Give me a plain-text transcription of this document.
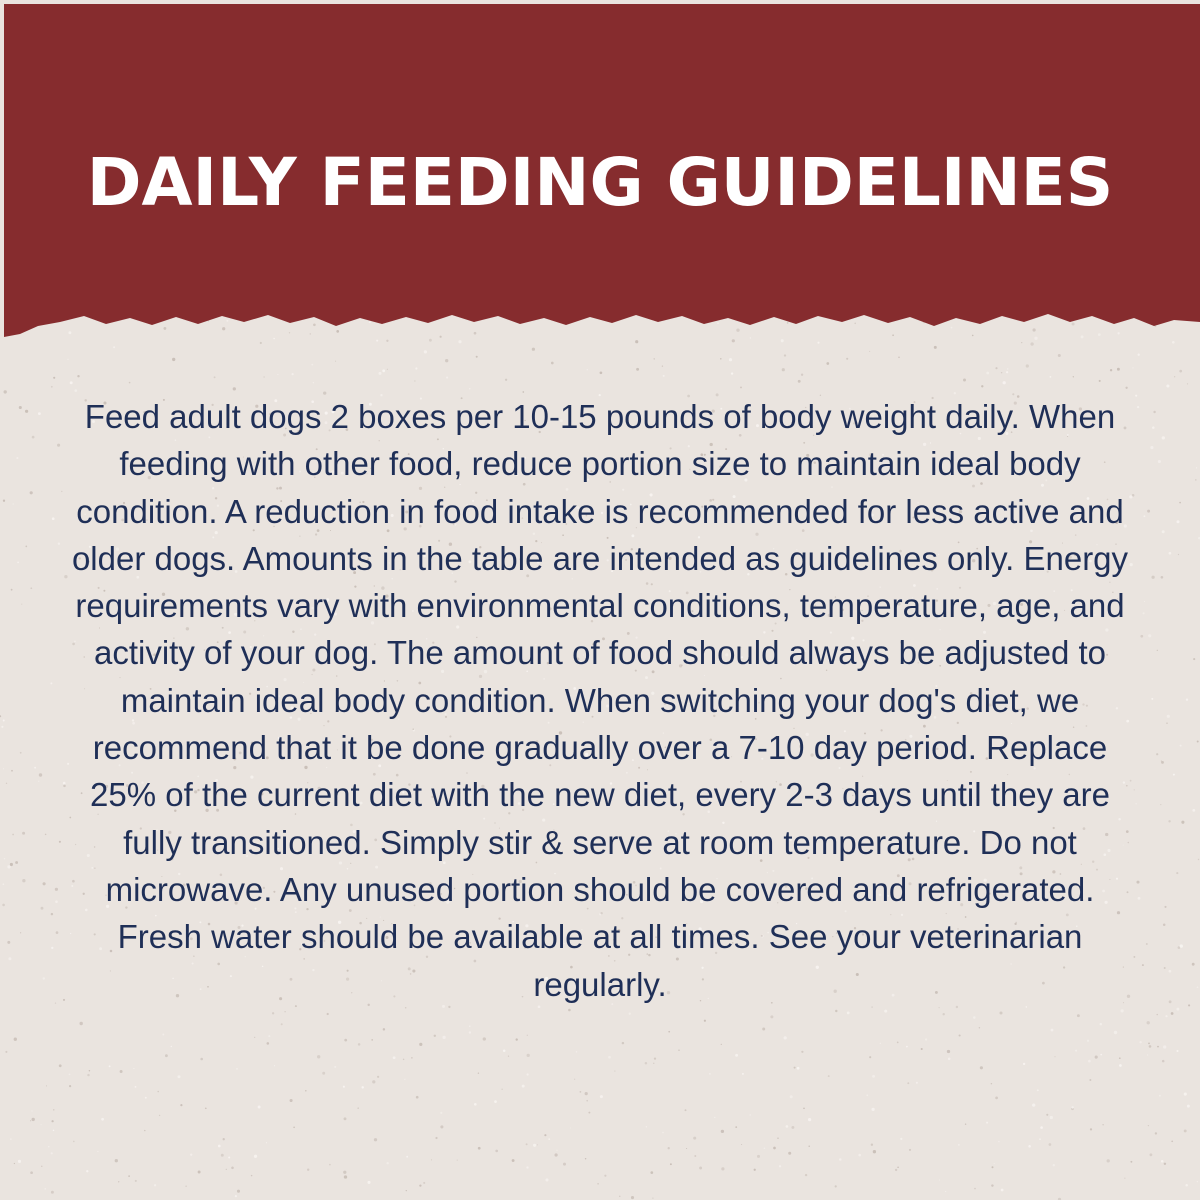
DAILY FEEDING GUIDELINES

Feed adult dogs 2 boxes per 10-15 pounds of body weight daily. When feeding with other food, reduce portion size to maintain ideal body condition. A reduction in food intake is recommended for less active and older dogs. Amounts in the table are intended as guidelines only. Energy requirements vary with environmental conditions, temperature, age, and activity of your dog. The amount of food should always be adjusted to maintain ideal body condition. When switching your dog's diet, we recommend that it be done gradually over a 7-10 day period. Replace 25% of the current diet with the new diet, every 2-3 days until they are fully transitioned. Simply stir & serve at room temperature. Do not microwave. Any unused portion should be covered and refrigerated. Fresh water should be available at all times. See your veterinarian regularly.
